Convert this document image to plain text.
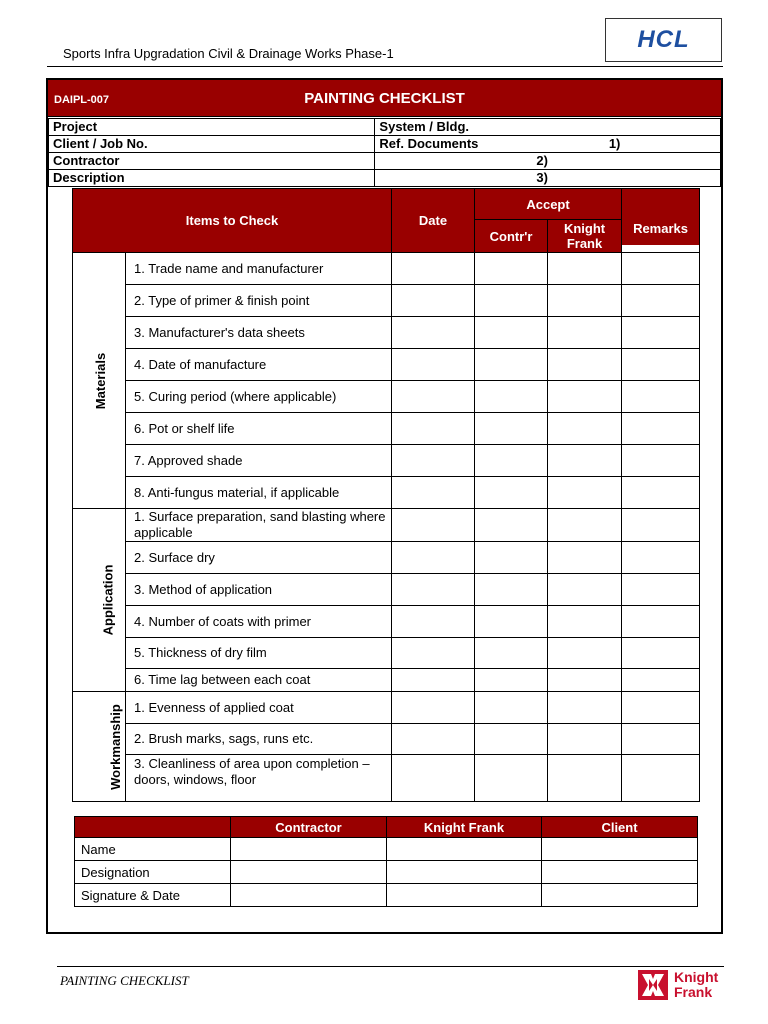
Sports Infra Upgradation Civil & Drainage Works Phase-1
HCL
DAIPL-007	PAINTING CHECKLIST
Project	System / Bldg.
Client / Job No.	Ref. Documents 1)
Contractor	2)
Description	3)
Items to Check		Date	Accept		
			Contr'r	Knight Frank	Remarks
Materials	1. Trade name and manufacturer				
	2. Type of primer & finish point				
	3. Manufacturer's data sheets				
	4. Date of manufacture				
	5. Curing period (where applicable)				
	6. Pot or shelf life				
	7. Approved shade				
	8. Anti-fungus material, if applicable				
Application	1. Surface preparation, sand blasting where applicable				
	2. Surface dry				
	3. Method of application				
	4. Number of coats with primer				
	5. Thickness of dry film				
	6. Time lag between each coat				
Workmanship	1. Evenness of applied coat				
	2. Brush marks, sags, runs etc.				
	3. Cleanliness of area upon completion – doors, windows, floor				
	Contractor	Knight Frank	Client
Name			
Designation			
Signature & Date			
PAINTING CHECKLIST	Knight
Frank
